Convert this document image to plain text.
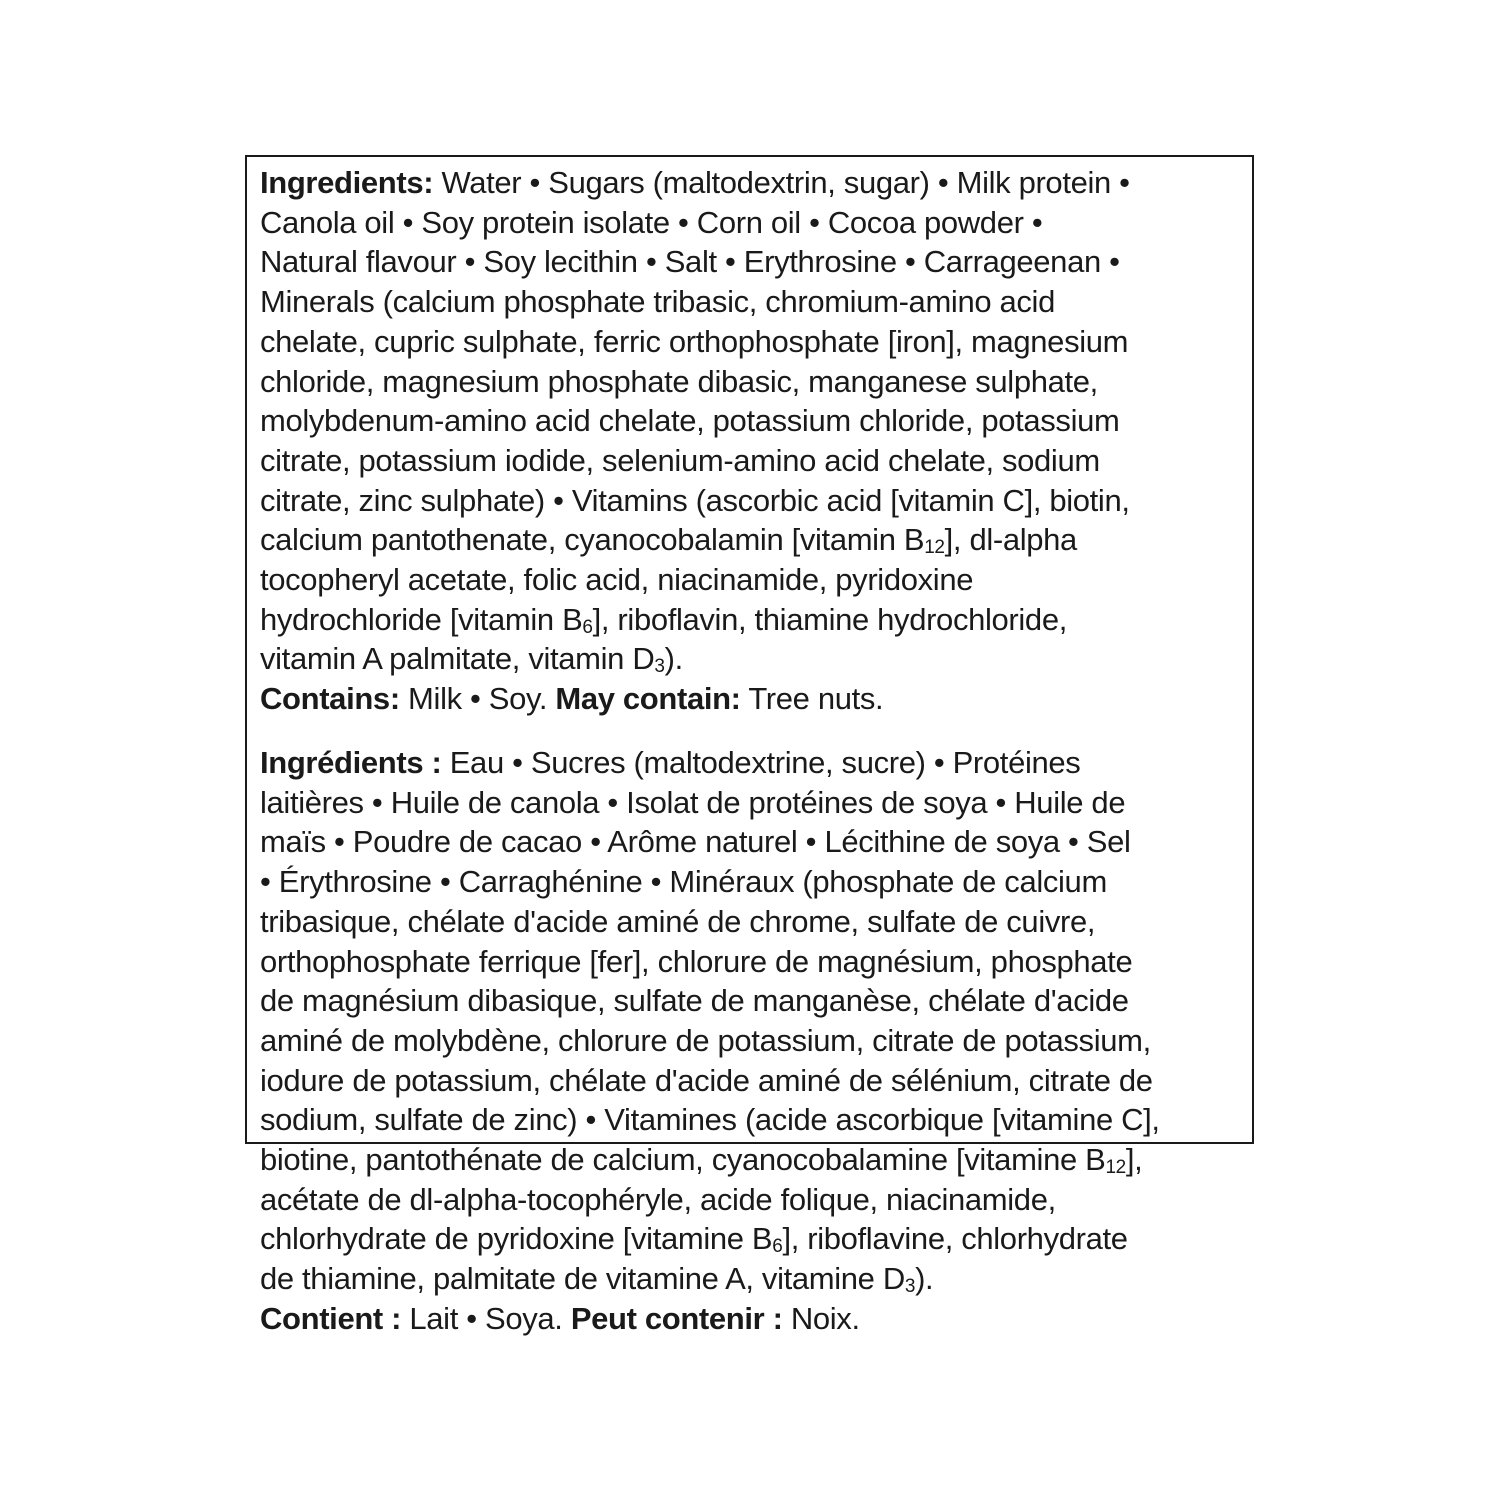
Ingredients: Water • Sugars (maltodextrin, sugar) • Milk protein •
Canola oil • Soy protein isolate • Corn oil • Cocoa powder •
Natural flavour • Soy lecithin • Salt • Erythrosine • Carrageenan •
Minerals (calcium phosphate tribasic, chromium-amino acid
chelate, cupric sulphate, ferric orthophosphate [iron], magnesium
chloride, magnesium phosphate dibasic, manganese sulphate,
molybdenum-amino acid chelate, potassium chloride, potassium
citrate, potassium iodide, selenium-amino acid chelate, sodium
citrate, zinc sulphate) • Vitamins (ascorbic acid [vitamin C], biotin,
calcium pantothenate, cyanocobalamin [vitamin $B_{12}$], dl-alpha
tocopheryl acetate, folic acid, niacinamide, pyridoxine
hydrochloride [vitamin $B_6$], riboflavin, thiamine hydrochloride,
vitamin A palmitate, vitamin $D_3$).
Contains: Milk • Soy. May contain: Tree nuts.
Ingrédients : Eau • Sucres (maltodextrine, sucre) • Protéines
laitières • Huile de canola • Isolat de protéines de soya • Huile de
maïs • Poudre de cacao • Arôme naturel • Lécithine de soya • Sel
• Érythrosine • Carraghénine • Minéraux (phosphate de calcium
tribasique, chélate d'acide aminé de chrome, sulfate de cuivre,
orthophosphate ferrique [fer], chlorure de magnésium, phosphate
de magnésium dibasique, sulfate de manganèse, chélate d'acide
aminé de molybdène, chlorure de potassium, citrate de potassium,
iodure de potassium, chélate d'acide aminé de sélénium, citrate de
sodium, sulfate de zinc) • Vitamines (acide ascorbique [vitamine C],
biotine, pantothénate de calcium, cyanocobalamine [vitamine $B_{12}$],
acétate de dl-alpha-tocophéryle, acide folique, niacinamide,
chlorhydrate de pyridoxine [vitamine $B_6$], riboflavine, chlorhydrate
de thiamine, palmitate de vitamine A, vitamine $D_3$).
Contient : Lait • Soya. Peut contenir : Noix.
